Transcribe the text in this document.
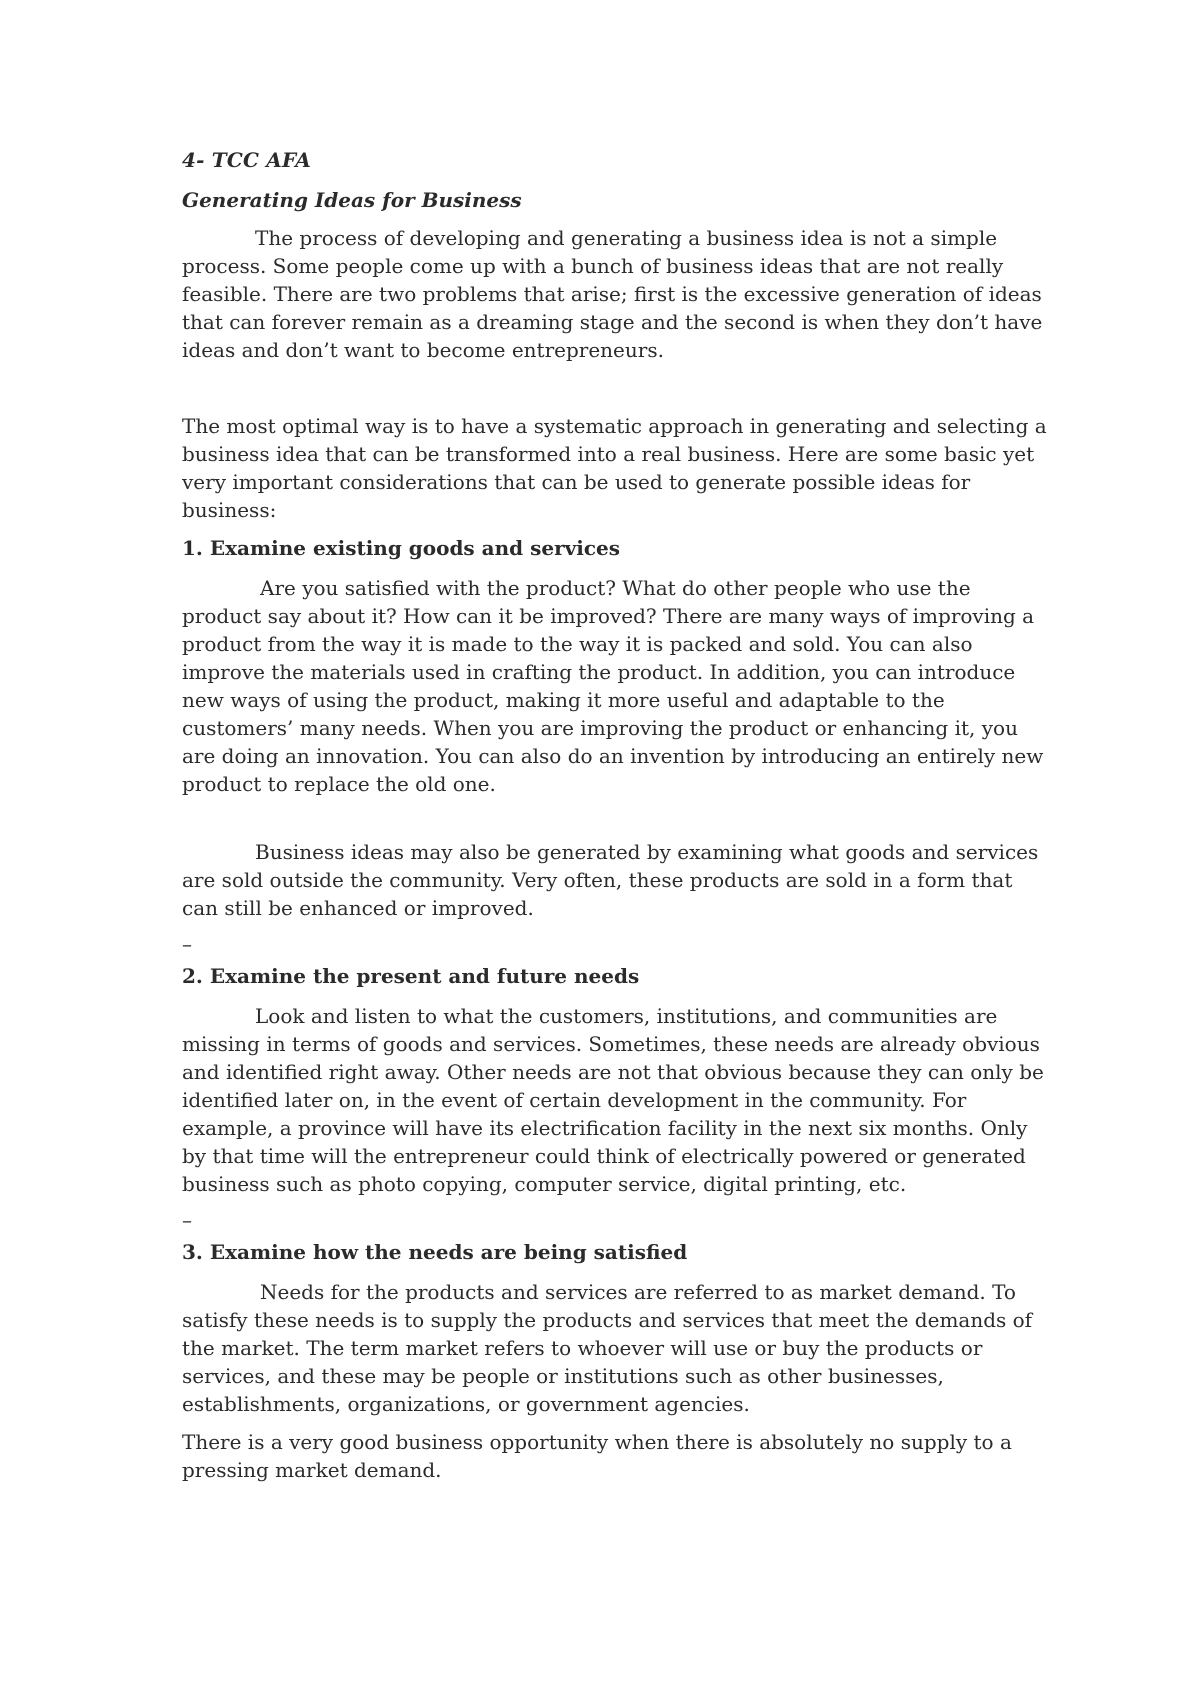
4- TCC AFA

Generating Ideas for Business

The process of developing and generating a business idea is not a simple process. Some people come up with a bunch of business ideas that are not really feasible. There are two problems that arise; first is the excessive generation of ideas that can forever remain as a dreaming stage and the second is when they don’t have ideas and don’t want to become entrepreneurs.

The most optimal way is to have a systematic approach in generating and selecting a business idea that can be transformed into a real business. Here are some basic yet very important considerations that can be used to generate possible ideas for business:

1. Examine existing goods and services

Are you satisfied with the product? What do other people who use the product say about it? How can it be improved? There are many ways of improving a product from the way it is made to the way it is packed and sold. You can also improve the materials used in crafting the product. In addition, you can introduce new ways of using the product, making it more useful and adaptable to the customers’ many needs. When you are improving the product or enhancing it, you are doing an innovation. You can also do an invention by introducing an entirely new product to replace the old one.

Business ideas may also be generated by examining what goods and services are sold outside the community. Very often, these products are sold in a form that can still be enhanced or improved.

–

2. Examine the present and future needs

Look and listen to what the customers, institutions, and communities are missing in terms of goods and services. Sometimes, these needs are already obvious and identified right away. Other needs are not that obvious because they can only be identified later on, in the event of certain development in the community. For example, a province will have its electrification facility in the next six months. Only by that time will the entrepreneur could think of electrically powered or generated business such as photo copying, computer service, digital printing, etc.

–

3. Examine how the needs are being satisfied

Needs for the products and services are referred to as market demand. To satisfy these needs is to supply the products and services that meet the demands of the market. The term market refers to whoever will use or buy the products or services, and these may be people or institutions such as other businesses, establishments, organizations, or government agencies.

There is a very good business opportunity when there is absolutely no supply to a pressing market demand.
